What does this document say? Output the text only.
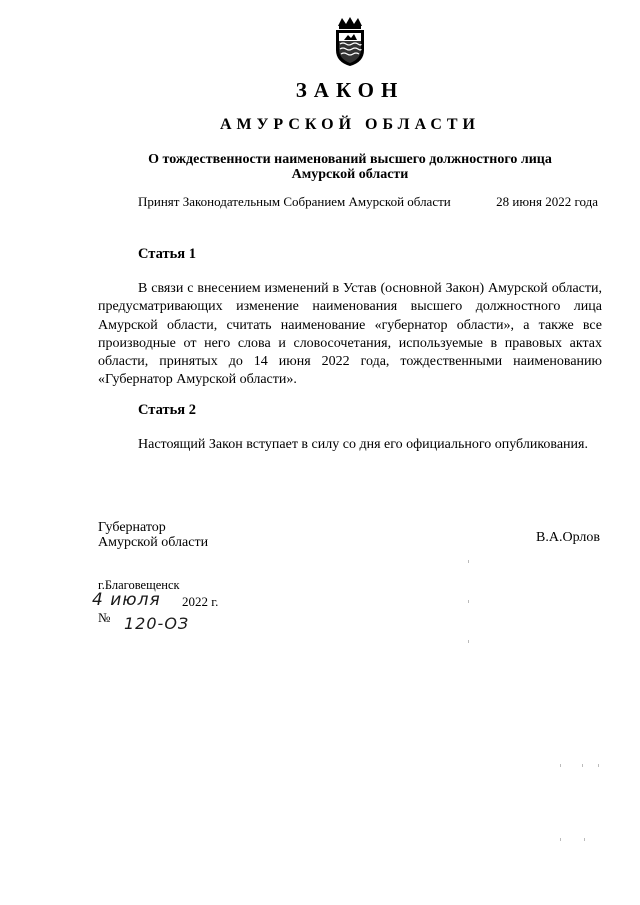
ЗАКОН
АМУРСКОЙ ОБЛАСТИ
О тождественности наименований высшего должностного лица
Амурской области
Принят Законодательным Собранием Амурской области	28 июня 2022 года
Статья 1
В связи с внесением изменений в Устав (основной Закон) Амурской области, предусматривающих изменение наименования высшего должностного лица Амурской области, считать наименование «губернатор области», а также все производные от него слова и словосочетания, используемые в правовых актах области, принятых до 14 июня 2022 года, тождественными наименованию «Губернатор Амурской области».
Статья 2
Настоящий Закон вступает в силу со дня его официального опубликования.
Губернатор
Амурской области	В.А.Орлов
г.Благовещенск
4 июля 2022 г.
№ 120-ОЗ
